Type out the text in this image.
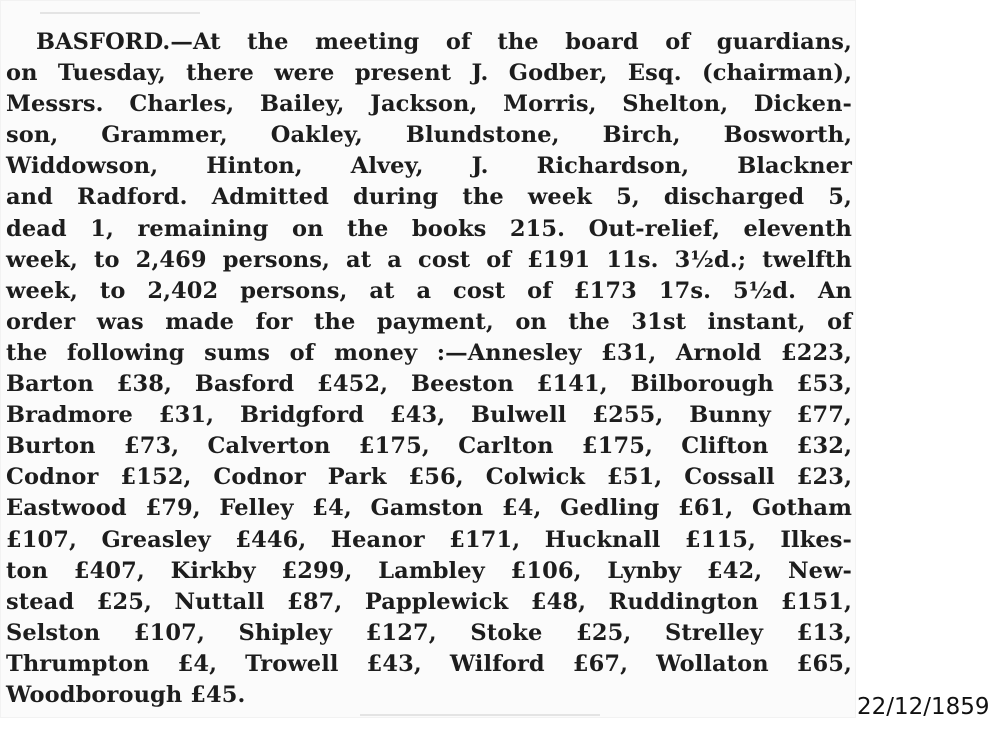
BASFORD.—At the meeting of the board of guardians,
on Tuesday, there were present J. Godber, Esq. (chairman),
Messrs. Charles, Bailey, Jackson, Morris, Shelton, Dicken-
son, Grammer, Oakley, Blundstone, Birch, Bosworth,
Widdowson, Hinton, Alvey, J. Richardson, Blackner
and Radford. Admitted during the week 5, discharged 5,
dead 1, remaining on the books 215. Out-relief, eleventh
week, to 2,469 persons, at a cost of £191 11s. 3½d.; twelfth
week, to 2,402 persons, at a cost of £173 17s. 5½d. An
order was made for the payment, on the 31st instant, of
the following sums of money :—Annesley £31, Arnold £223,
Barton £38, Basford £452, Beeston £141, Bilborough £53,
Bradmore £31, Bridgford £43, Bulwell £255, Bunny £77,
Burton £73, Calverton £175, Carlton £175, Clifton £32,
Codnor £152, Codnor Park £56, Colwick £51, Cossall £23,
Eastwood £79, Felley £4, Gamston £4, Gedling £61, Gotham
£107, Greasley £446, Heanor £171, Hucknall £115, Ilkes-
ton £407, Kirkby £299, Lambley £106, Lynby £42, New-
stead £25, Nuttall £87, Papplewick £48, Ruddington £151,
Selston £107, Shipley £127, Stoke £25, Strelley £13,
Thrumpton £4, Trowell £43, Wilford £67, Wollaton £65,
Woodborough £45.	22/12/1859
